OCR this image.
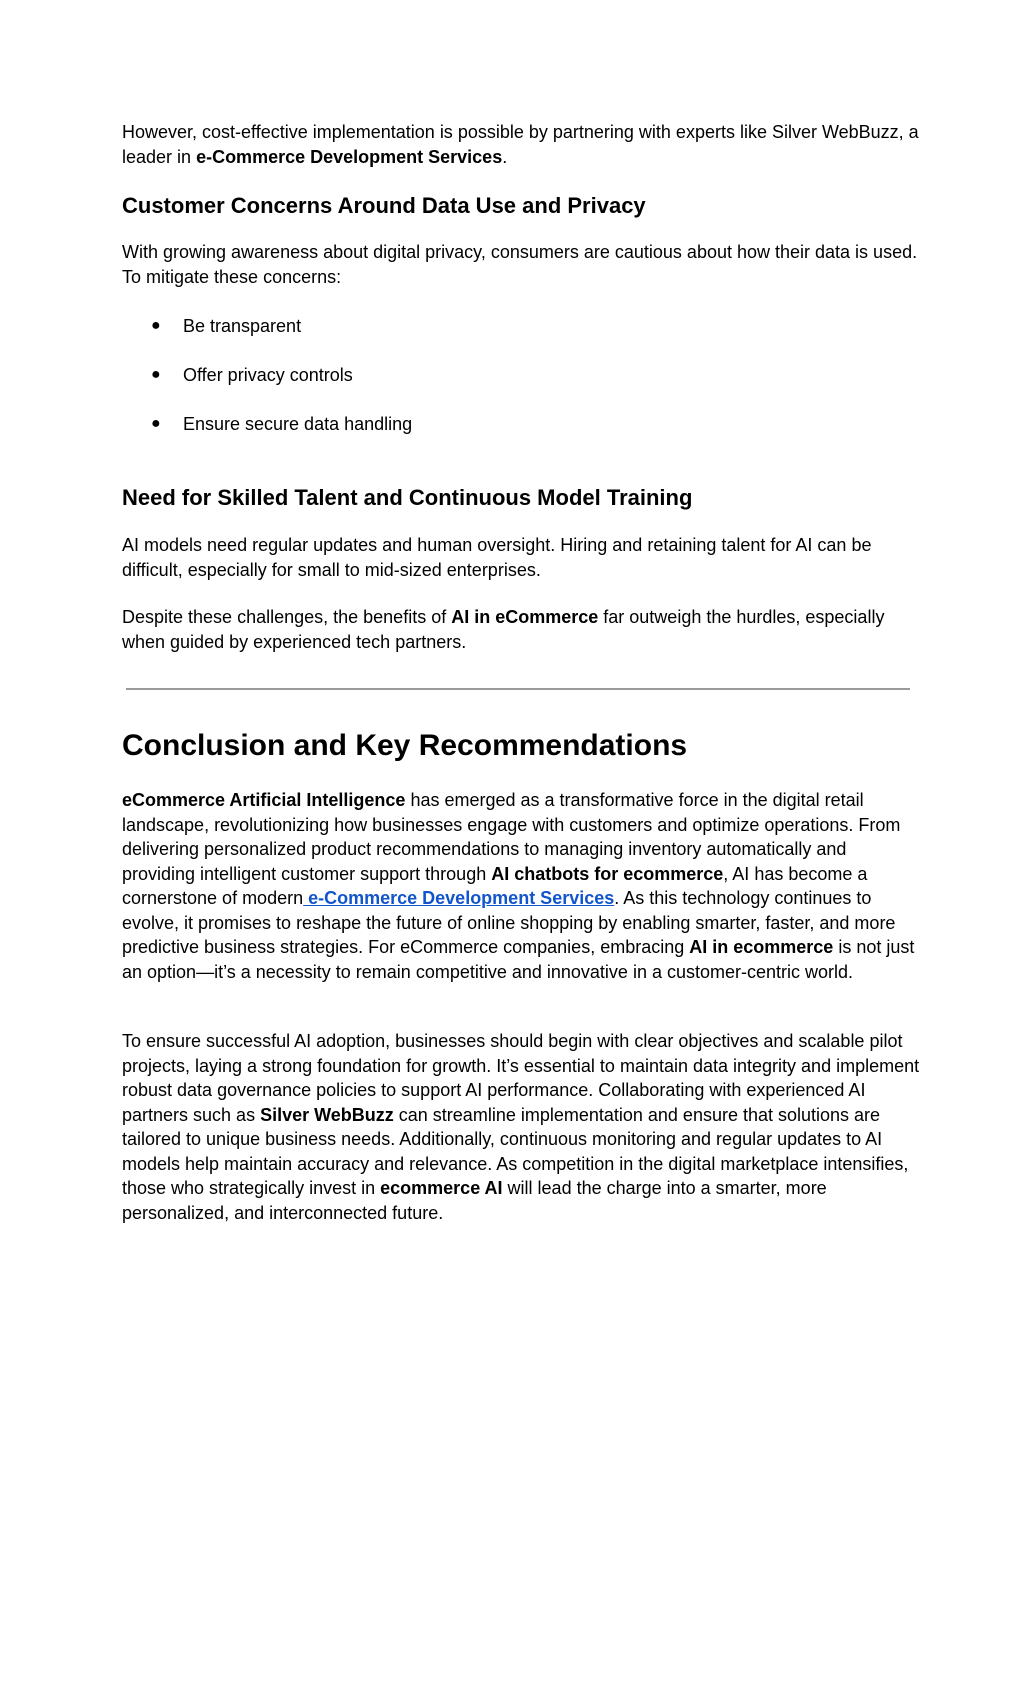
However, cost-effective implementation is possible by partnering with experts like Silver WebBuzz, a leader in e-Commerce Development Services.

Customer Concerns Around Data Use and Privacy

With growing awareness about digital privacy, consumers are cautious about how their data is used. To mitigate these concerns:

● Be transparent
● Offer privacy controls
● Ensure secure data handling
Need for Skilled Talent and Continuous Model Training

AI models need regular updates and human oversight. Hiring and retaining talent for AI can be difficult, especially for small to mid-sized enterprises.

Despite these challenges, the benefits of AI in eCommerce far outweigh the hurdles, especially when guided by experienced tech partners.

Conclusion and Key Recommendations

eCommerce Artificial Intelligence has emerged as a transformative force in the digital retail landscape, revolutionizing how businesses engage with customers and optimize operations. From delivering personalized product recommendations to managing inventory automatically and providing intelligent customer support through AI chatbots for ecommerce, AI has become a cornerstone of modern e-Commerce Development Services. As this technology continues to evolve, it promises to reshape the future of online shopping by enabling smarter, faster, and more predictive business strategies. For eCommerce companies, embracing AI in ecommerce is not just an option—it’s a necessity to remain competitive and innovative in a customer-centric world.

To ensure successful AI adoption, businesses should begin with clear objectives and scalable pilot projects, laying a strong foundation for growth. It’s essential to maintain data integrity and implement robust data governance policies to support AI performance. Collaborating with experienced AI partners such as Silver WebBuzz can streamline implementation and ensure that solutions are tailored to unique business needs. Additionally, continuous monitoring and regular updates to AI models help maintain accuracy and relevance. As competition in the digital marketplace intensifies, those who strategically invest in ecommerce AI will lead the charge into a smarter, more personalized, and interconnected future.
